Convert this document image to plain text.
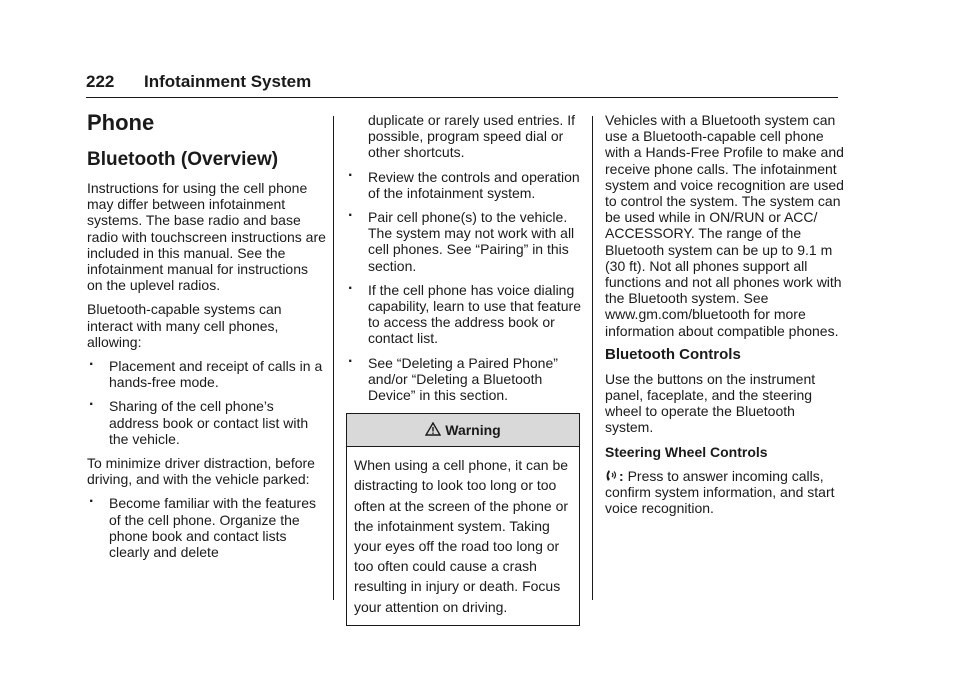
222 Infotainment System
Phone
Bluetooth (Overview)

Instructions for using the cell phone may differ between infotainment systems. The base radio and base radio with touchscreen instructions are included in this manual. See the infotainment manual for instructions on the uplevel radios.

Bluetooth-capable systems can interact with many cell phones, allowing:

. Placement and receipt of calls in a hands-free mode.
. Sharing of the cell phone’s address book or contact list with the vehicle.

To minimize driver distraction, before driving, and with the vehicle parked:

. Become familiar with the features of the cell phone. Organize the phone book and contact lists clearly and delete

duplicate or rarely used entries. If possible, program speed dial or other shortcuts.

. Review the controls and operation of the infotainment system.
. Pair cell phone(s) to the vehicle. The system may not work with all cell phones. See “Pairing” in this section.
. If the cell phone has voice dialing capability, learn to use that feature to access the address book or contact list.
. See “Deleting a Paired Phone” and/or “Deleting a Bluetooth Device” in this section.
Warning
When using a cell phone, it can be distracting to look too long or too often at the screen of the phone or the infotainment system. Taking your eyes off the road too long or too often could cause a crash resulting in injury or death. Focus your attention on driving.

Vehicles with a Bluetooth system can use a Bluetooth-capable cell phone with a Hands-Free Profile to make and receive phone calls. The infotainment system and voice recognition are used to control the system. The system can be used while in ON/RUN or ACC/ ACCESSORY. The range of the Bluetooth system can be up to 9.1 m (30 ft). Not all phones support all functions and not all phones work with the Bluetooth system. See www.gm.com/bluetooth for more information about compatible phones.

Bluetooth Controls

Use the buttons on the instrument panel, faceplate, and the steering wheel to operate the Bluetooth system.

Steering Wheel Controls

: Press to answer incoming calls, confirm system information, and start voice recognition.
